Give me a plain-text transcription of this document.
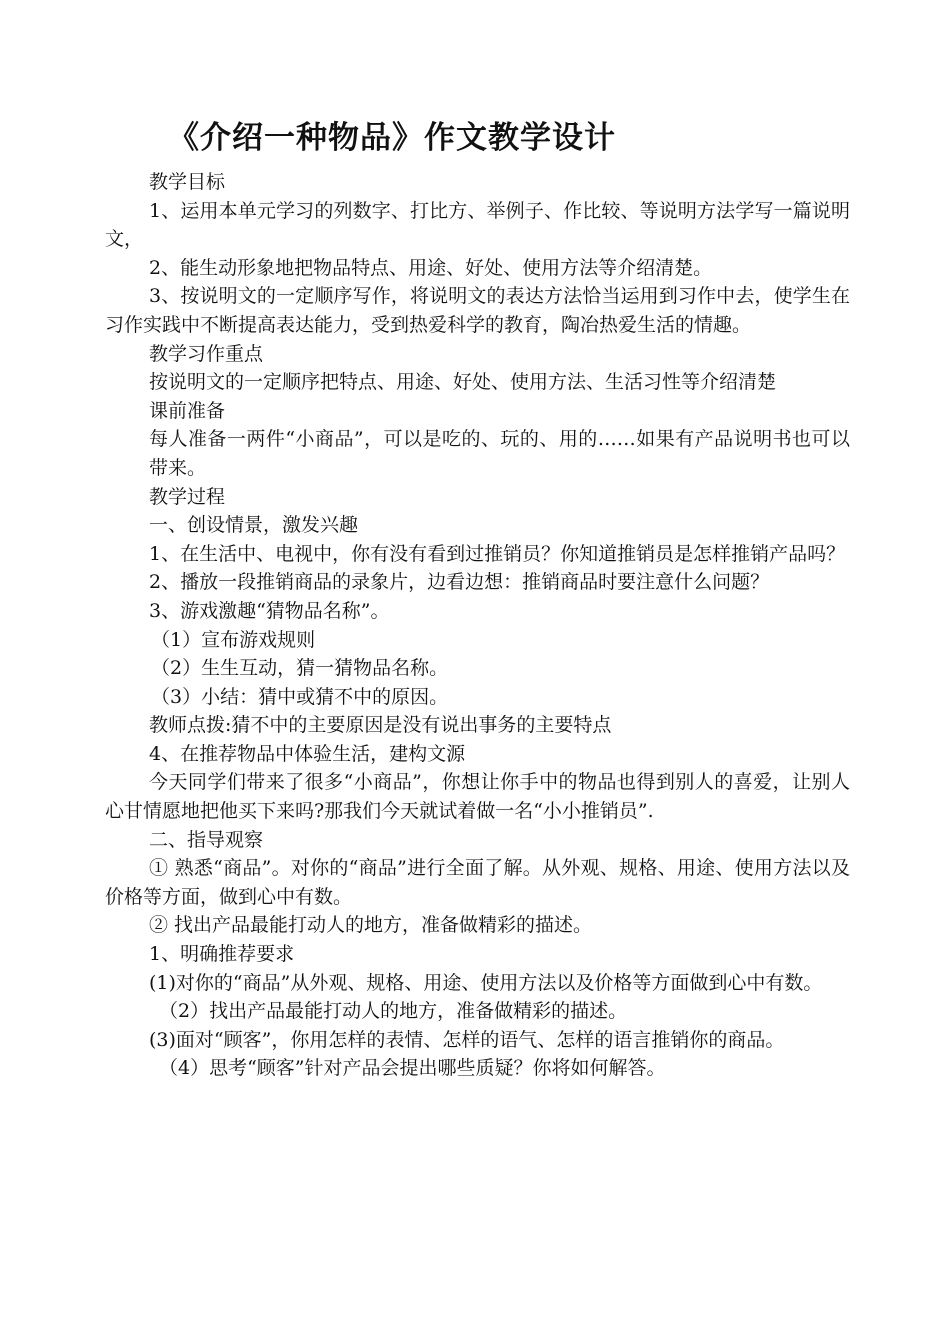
《介绍一种物品》作文教学设计

教学目标

1、运用本单元学习的列数字、打比方、举例子、作比较、等说明方法学写一篇说明文，

2、能生动形象地把物品特点、用途、好处、使用方法等介绍清楚。

3、按说明文的一定顺序写作，将说明文的表达方法恰当运用到习作中去，使学生在习作实践中不断提高表达能力，受到热爱科学的教育，陶冶热爱生活的情趣。

教学习作重点

按说明文的一定顺序把特点、用途、好处、使用方法、生活习性等介绍清楚

课前准备

每人准备一两件“小商品”，可以是吃的、玩的、用的……如果有产品说明书也可以带来。

教学过程

一、创设情景，激发兴趣

1、在生活中、电视中，你有没有看到过推销员？你知道推销员是怎样推销产品吗？

2、播放一段推销商品的录象片，边看边想：推销商品时要注意什么问题？

3、游戏激趣“猜物品名称”。

（1）宣布游戏规则

（2）生生互动，猜一猜物品名称。

（3）小结：猜中或猜不中的原因。

教师点拨:猜不中的主要原因是没有说出事务的主要特点

4、在推荐物品中体验生活，建构文源

今天同学们带来了很多“小商品”，你想让你手中的物品也得到别人的喜爱，让别人心甘情愿地把他买下来吗?那我们今天就试着做一名“小小推销员”.

二、指导观察

① 熟悉“商品”。对你的“商品”进行全面了解。从外观、规格、用途、使用方法以及价格等方面，做到心中有数。

② 找出产品最能打动人的地方，准备做精彩的描述。

1、明确推荐要求

(1)对你的“商品”从外观、规格、用途、使用方法以及价格等方面做到心中有数。

（2）找出产品最能打动人的地方，准备做精彩的描述。

(3)面对“顾客”，你用怎样的表情、怎样的语气、怎样的语言推销你的商品。

（4）思考“顾客”针对产品会提出哪些质疑？你将如何解答。
